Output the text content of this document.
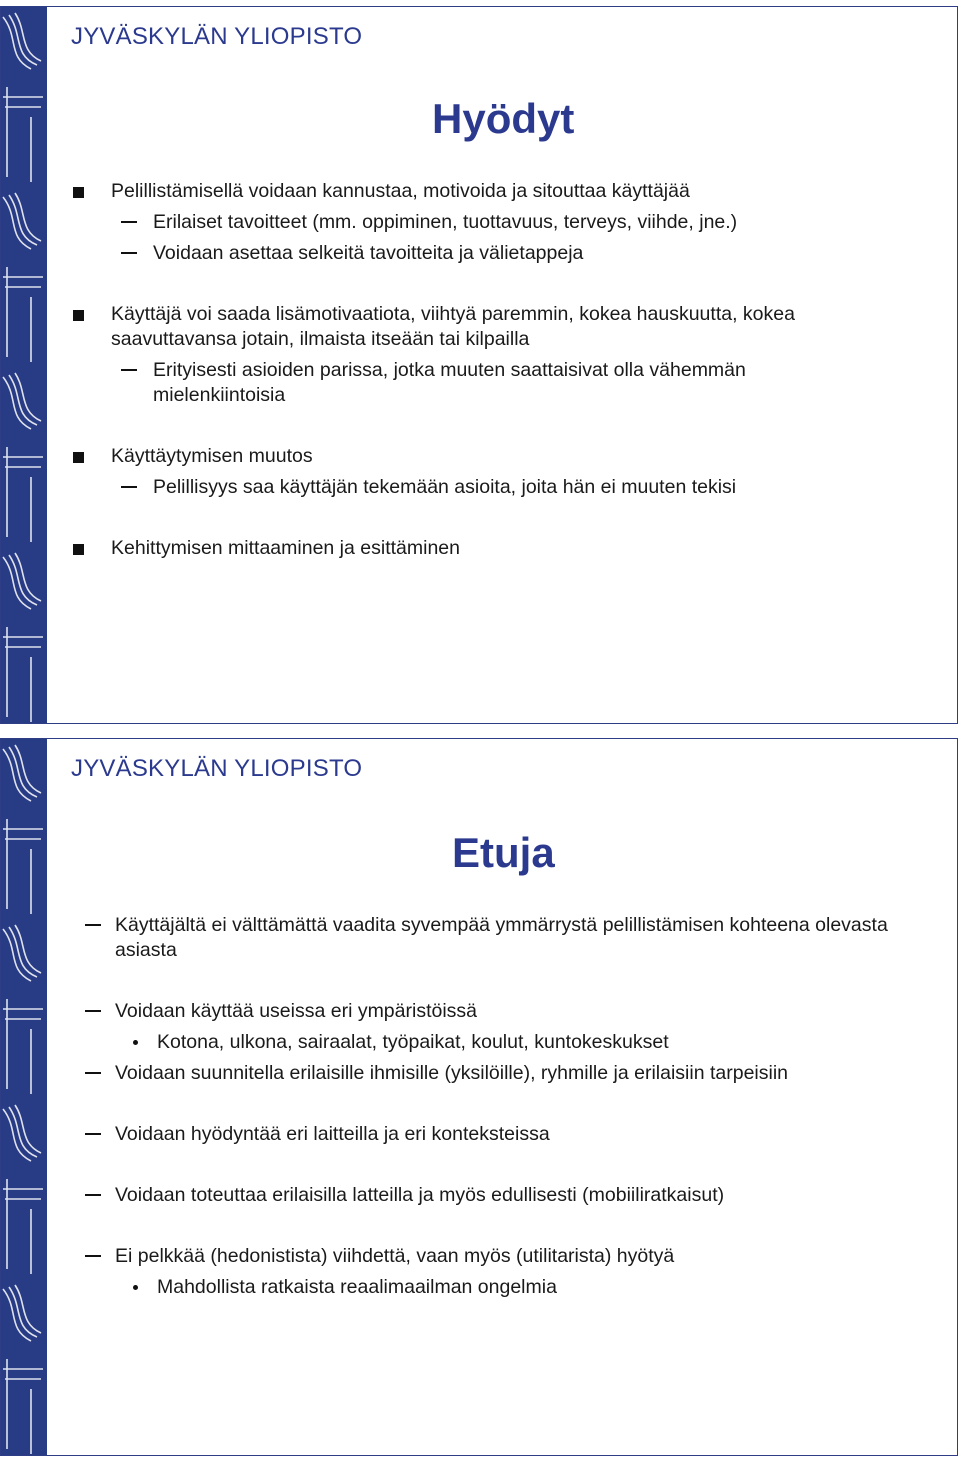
JYVÄSKYLÄN YLIOPISTO
Hyödyt
Pelillistämisellä voidaan kannustaa, motivoida ja sitouttaa käyttäjää
Erilaiset tavoitteet (mm. oppiminen, tuottavuus, terveys, viihde, jne.)
Voidaan asettaa selkeitä tavoitteita ja välietappeja
Käyttäjä voi saada lisämotivaatiota, viihtyä paremmin, kokea hauskuutta, kokea saavuttavansa jotain, ilmaista itseään tai kilpailla
Erityisesti asioiden parissa, jotka muuten saattaisivat olla vähemmän mielenkiintoisia
Käyttäytymisen muutos
Pelillisyys saa käyttäjän tekemään asioita, joita hän ei muuten tekisi
Kehittymisen mittaaminen ja esittäminen
JYVÄSKYLÄN YLIOPISTO
Etuja
Käyttäjältä ei välttämättä vaadita syvempää ymmärrystä pelillistämisen kohteena olevasta asiasta
Voidaan käyttää useissa eri ympäristöissä
Kotona, ulkona, sairaalat, työpaikat, koulut, kuntokeskukset
Voidaan suunnitella erilaisille ihmisille (yksilöille), ryhmille ja erilaisiin tarpeisiin
Voidaan hyödyntää eri laitteilla ja eri konteksteissa
Voidaan toteuttaa erilaisilla latteilla ja myös edullisesti (mobiiliratkaisut)
Ei pelkkää (hedonistista) viihdettä, vaan myös (utilitarista) hyötyä
Mahdollista ratkaista reaalimaailman ongelmia
